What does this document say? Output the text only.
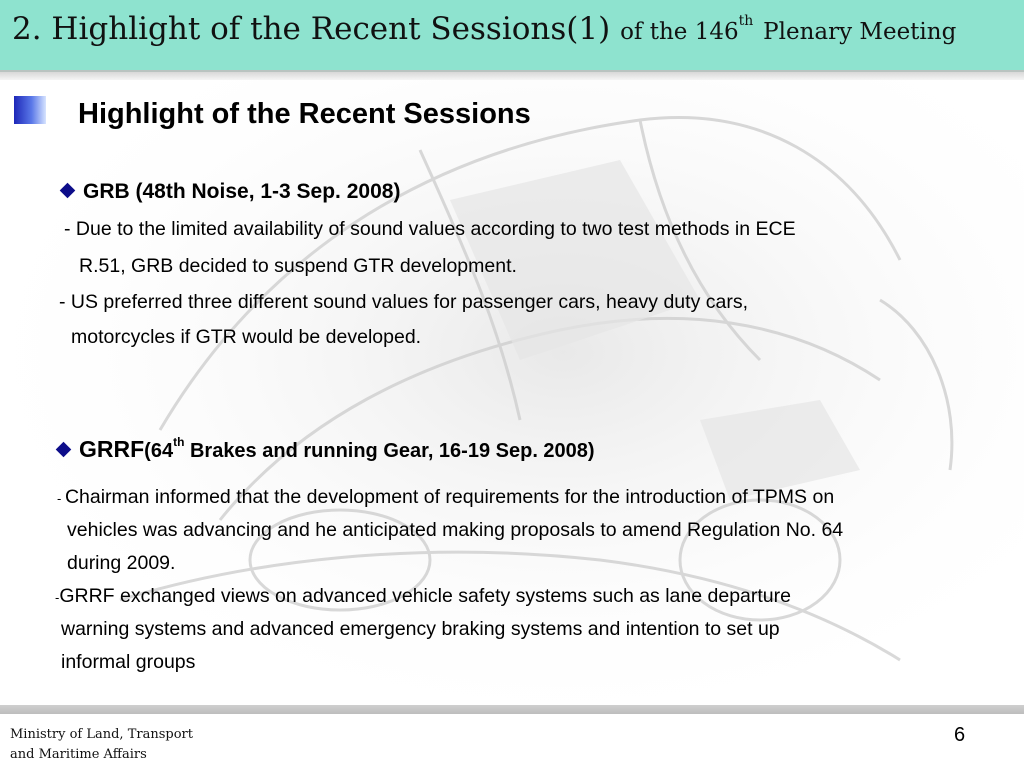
2. Highlight of the Recent Sessions(1) of the 146th Plenary Meeting
Highlight of the Recent Sessions
GRB (48th Noise, 1-3 Sep. 2008)
- Due to the limited availability of sound values according to two test methods in ECE
R.51, GRB decided to suspend GTR development.
- US preferred three different sound values for passenger cars, heavy duty cars,
motorcycles if GTR would be developed.
GRRF(64th Brakes and running Gear, 16-19 Sep. 2008)
- Chairman informed that the development of requirements for the introduction of TPMS on
vehicles was advancing and he anticipated making proposals to amend Regulation No. 64
during 2009.
-GRRF exchanged views on advanced vehicle safety systems such as lane departure
warning systems and advanced emergency braking systems and intention to set up
informal groups
Ministry of Land, Transport
and Maritime Affairs
6
